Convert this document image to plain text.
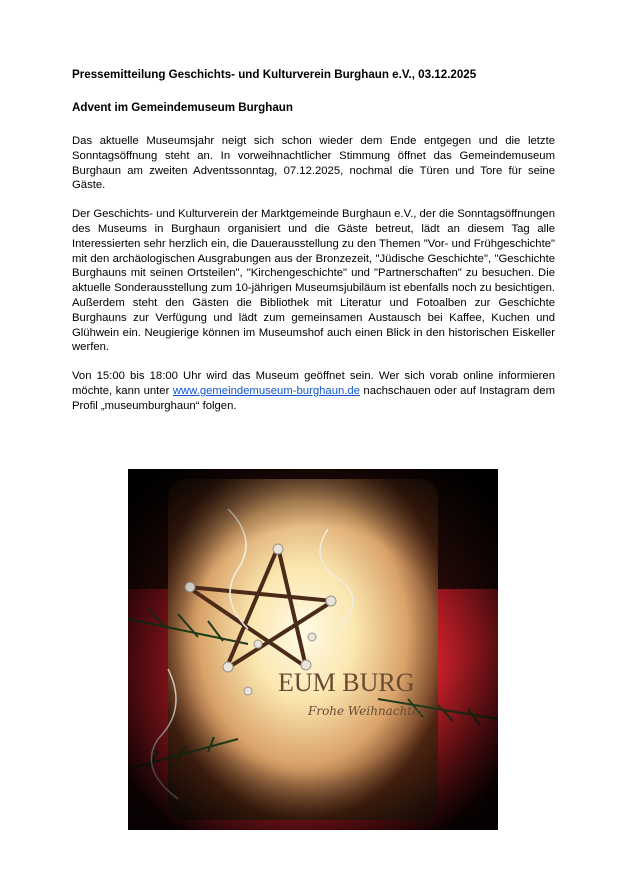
Pressemitteilung Geschichts- und Kulturverein Burghaun e.V., 03.12.2025

Advent im Gemeindemuseum Burghaun

Das aktuelle Museumsjahr neigt sich schon wieder dem Ende entgegen und die letzte Sonntagsöffnung steht an. In vorweihnachtlicher Stimmung öffnet das Gemeindemuseum Burghaun am zweiten Adventssonntag, 07.12.2025, nochmal die Türen und Tore für seine Gäste.

Der Geschichts- und Kulturverein der Marktgemeinde Burghaun e.V., der die Sonntagsöffnungen des Museums in Burghaun organisiert und die Gäste betreut, lädt an diesem Tag alle Interessierten sehr herzlich ein, die Dauerausstellung zu den Themen "Vor- und Frühgeschichte" mit den archäologischen Ausgrabungen aus der Bronzezeit, "Jüdische Geschichte", "Geschichte Burghauns mit seinen Ortsteilen", "Kirchengeschichte" und "Partnerschaften" zu besuchen. Die aktuelle Sonderausstellung zum 10-jährigen Museumsjubiläum ist ebenfalls noch zu besichtigen. Außerdem steht den Gästen die Bibliothek mit Literatur und Fotoalben zur Geschichte Burghauns zur Verfügung und lädt zum gemeinsamen Austausch bei Kaffee, Kuchen und Glühwein ein. Neugierige können im Museumshof auch einen Blick in den historischen Eiskeller werfen.

Von 15:00 bis 18:00 Uhr wird das Museum geöffnet sein. Wer sich vorab online informieren möchte, kann unter www.gemeindemuseum-burghaun.de nachschauen oder auf Instagram dem Profil „museumburghaun“ folgen.
